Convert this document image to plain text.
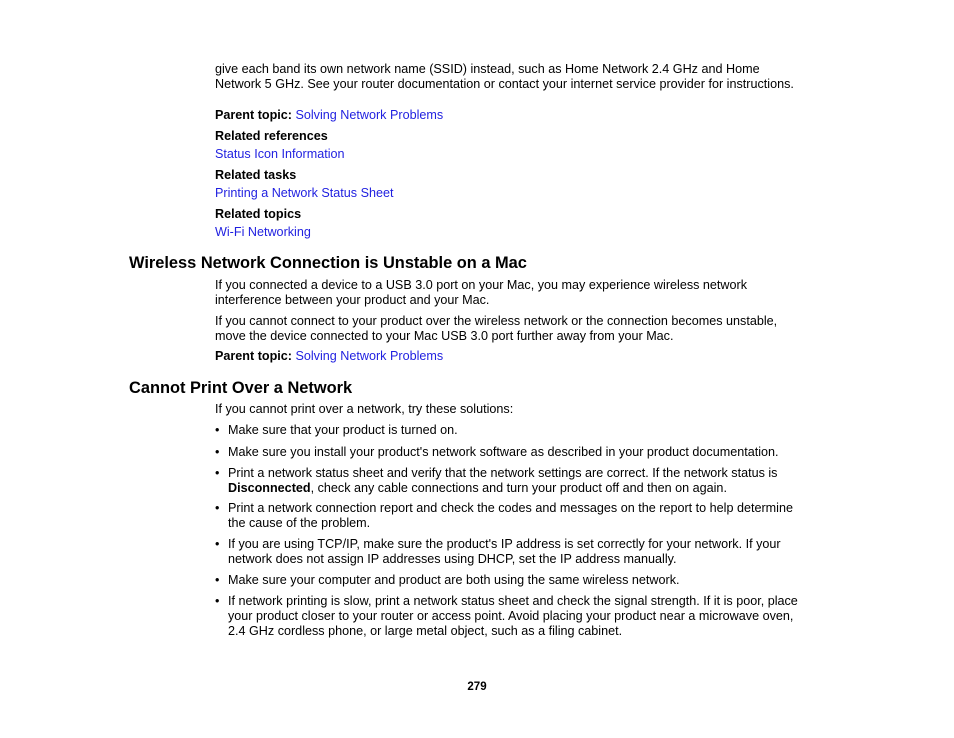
give each band its own network name (SSID) instead, such as Home Network 2.4 GHz and Home
Network 5 GHz. See your router documentation or contact your internet service provider for instructions.
Parent topic: Solving Network Problems
Related references
Status Icon Information
Related tasks
Printing a Network Status Sheet
Related topics
Wi-Fi Networking
Wireless Network Connection is Unstable on a Mac
If you connected a device to a USB 3.0 port on your Mac, you may experience wireless network
interference between your product and your Mac.
If you cannot connect to your product over the wireless network or the connection becomes unstable,
move the device connected to your Mac USB 3.0 port further away from your Mac.
Parent topic: Solving Network Problems
Cannot Print Over a Network
If you cannot print over a network, try these solutions:
• Make sure that your product is turned on.
• Make sure you install your product's network software as described in your product documentation.
• Print a network status sheet and verify that the network settings are correct. If the network status is
Disconnected, check any cable connections and turn your product off and then on again.
• Print a network connection report and check the codes and messages on the report to help determine
the cause of the problem.
• If you are using TCP/IP, make sure the product's IP address is set correctly for your network. If your
network does not assign IP addresses using DHCP, set the IP address manually.
• Make sure your computer and product are both using the same wireless network.
• If network printing is slow, print a network status sheet and check the signal strength. If it is poor, place
your product closer to your router or access point. Avoid placing your product near a microwave oven,
2.4 GHz cordless phone, or large metal object, such as a filing cabinet.
279
